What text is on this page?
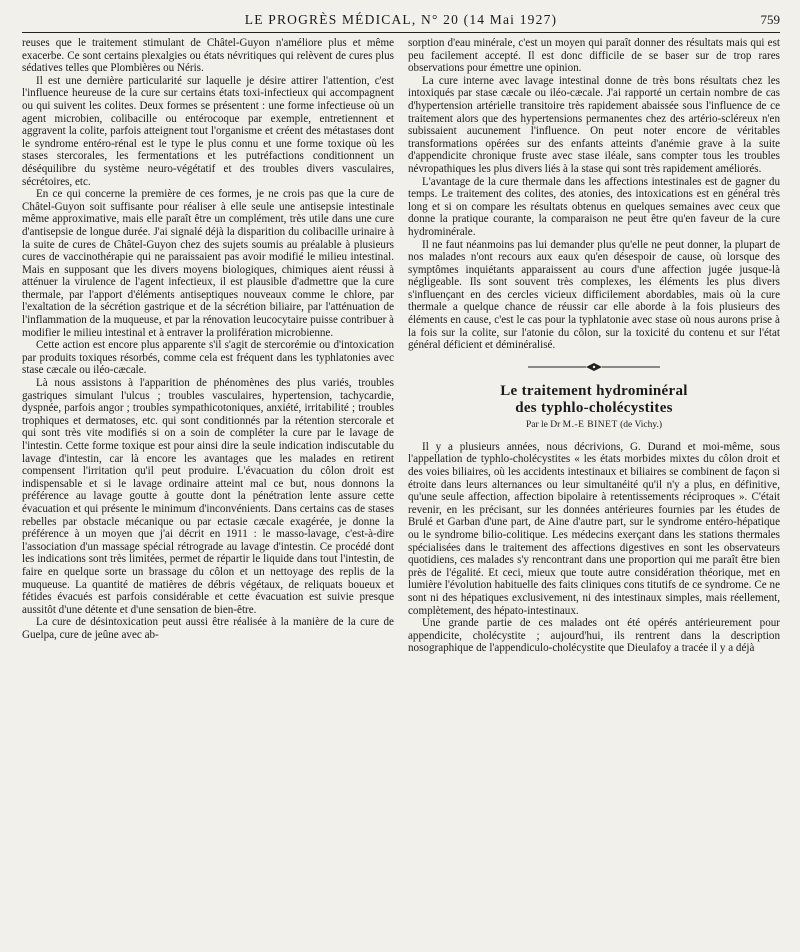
LE PROGRÈS MÉDICAL, N° 20 (14 Mai 1927)	759

reuses que le traitement stimulant de Châtel-Guyon n'améliore plus et même exacerbe. Ce sont certains plexalgies ou états névritiques qui relèvent de cures plus sédatives telles que Plombières ou Néris.

Il est une dernière particularité sur laquelle je désire attirer l'attention, c'est l'influence heureuse de la cure sur certains états toxi-infectieux qui accompagnent ou qui suivent les colites. Deux formes se présentent : une forme infectieuse où un agent microbien, colibacille ou entérocoque par exemple, entretiennent et aggravent la colite, parfois atteignent tout l'organisme et créent des métastases dont le syndrome entéro-rénal est le type le plus connu et une forme toxique où les stases stercorales, les fermentations et les putréfactions conditionnent un déséquilibre du système neuro-végétatif et des troubles divers vasculaires, sécrétoires, etc.

En ce qui concerne la première de ces formes, je ne crois pas que la cure de Châtel-Guyon soit suffisante pour réaliser à elle seule une antisepsie intestinale même approximative, mais elle paraît être un complément, très utile dans une cure d'antisepsie de longue durée. J'ai signalé déjà la disparition du colibacille urinaire à la suite de cures de Châtel-Guyon chez des sujets soumis au préalable à plusieurs cures de vaccinothérapie qui ne paraissaient pas avoir modifié le milieu intestinal. Mais en supposant que les divers moyens biologiques, chimiques aient réussi à atténuer la virulence de l'agent infectieux, il est plausible d'admettre que la cure thermale, par l'apport d'éléments antiseptiques nouveaux comme le chlore, par l'exaltation de la sécrétion gastrique et de la sécrétion biliaire, par l'atténuation de l'inflammation de la muqueuse, et par la rénovation leucocytaire puisse contribuer à modifier le milieu intestinal et à entraver la prolifération microbienne.

Cette action est encore plus apparente s'il s'agit de stercorémie ou d'intoxication par produits toxiques résorbés, comme cela est fréquent dans les typhlatonies avec stase cæcale ou iléo-cæcale.

Là nous assistons à l'apparition de phénomènes des plus variés, troubles gastriques simulant l'ulcus ; troubles vasculaires, hypertension, tachycardie, dyspnée, parfois angor ; troubles sympathicotoniques, anxiété, irritabilité ; troubles trophiques et dermatoses, etc. qui sont conditionnés par la rétention stercorale et qui sont très vite modifiés si on a soin de compléter la cure par le lavage de l'intestin. Cette forme toxique est pour ainsi dire la seule indication indiscutable du lavage d'intestin, car là encore les avantages que les malades en retirent compensent l'irritation qu'il peut produire. L'évacuation du côlon droit est indispensable et si le lavage ordinaire atteint mal ce but, nous donnons la préférence au lavage goutte à goutte dont la pénétration lente assure cette évacuation et qui présente le minimum d'inconvénients. Dans certains cas de stases rebelles par obstacle mécanique ou par ectasie cæcale exagérée, je donne la préférence à un moyen que j'ai décrit en 1911 : le masso-lavage, c'est-à-dire l'association d'un massage spécial rétrograde au lavage d'intestin. Ce procédé dont les indications sont très limitées, permet de répartir le liquide dans tout l'intestin, de faire en quelque sorte un brassage du côlon et un nettoyage des replis de la muqueuse. La quantité de matières de débris végétaux, de reliquats boueux et fétides évacués est parfois considérable et cette évacuation est suivie presque aussitôt d'une détente et d'une sensation de bien-être.

La cure de désintoxication peut aussi être réalisée à la manière de la cure de Guelpa, cure de jeûne avec ab-

sorption d'eau minérale, c'est un moyen qui paraît donner des résultats mais qui est peu facilement accepté. Il est donc difficile de se baser sur de trop rares observations pour émettre une opinion.

La cure interne avec lavage intestinal donne de très bons résultats chez les intoxiqués par stase cæcale ou iléo-cæcale. J'ai rapporté un certain nombre de cas d'hypertension artérielle transitoire très rapidement abaissée sous l'influence de ce traitement alors que des hypertensions permanentes chez des artério-scléreux n'en subissaient aucunement l'influence. On peut noter encore de véritables transformations opérées sur des enfants atteints d'anémie grave à la suite d'appendicite chronique fruste avec stase iléale, sans compter tous les troubles névropathiques les plus divers liés à la stase qui sont très rapidement améliorés.

L'avantage de la cure thermale dans les affections intestinales est de gagner du temps. Le traitement des colites, des atonies, des intoxications est en général très long et si on compare les résultats obtenus en quelques semaines avec ceux que donne la pratique courante, la comparaison ne peut être qu'en faveur de la cure hydrominérale.

Il ne faut néanmoins pas lui demander plus qu'elle ne peut donner, la plupart de nos malades n'ont recours aux eaux qu'en désespoir de cause, où lorsque des symptômes inquiétants apparaissent au cours d'une affection jugée jusque-là négligeable. Ils sont souvent très complexes, les éléments les plus divers s'influençant en des cercles vicieux difficilement abordables, mais où la cure thermale a quelque chance de réussir car elle aborde à la fois plusieurs des éléments en cause, c'est le cas pour la typhlatonie avec stase où nous aurons prise à la fois sur la colite, sur l'atonie du côlon, sur la toxicité du contenu et sur l'état général déficient et déminéralisé.

Le traitement hydrominéral
des typhlo-cholécystites
Par le Dr M.-E BINET (de Vichy.)

Il y a plusieurs années, nous décrivions, G. Durand et moi-même, sous l'appellation de typhlo-cholécystites « les états morbides mixtes du côlon droit et des voies biliaires, où les accidents intestinaux et biliaires se combinent de façon si étroite dans leurs alternances ou leur simultanéité qu'il n'y a plus, en définitive, qu'une seule affection, affection bipolaire à retentissements réciproques ». C'était revenir, en les précisant, sur les données antérieures fournies par les études de Brulé et Garban d'une part, de Aine d'autre part, sur le syndrome entéro-hépatique ou le syndrome bilio-colitique. Les médecins exerçant dans les stations thermales spécialisées dans le traitement des affections digestives en sont les observateurs quotidiens, ces malades s'y rencontrant dans une proportion qui me paraît être bien près de l'égalité. Et ceci, mieux que toute autre considération théorique, met en lumière l'évolution habituelle des faits cliniques cons titutifs de ce syndrome. Ce ne sont ni des hépatiques exclusivement, ni des intestinaux simples, mais réellement, complètement, des hépato-intestinaux.

Une grande partie de ces malades ont été opérés antérieurement pour appendicite, cholécystite ; aujourd'hui, ils rentrent dans la description nosographique de l'appendiculo-cholécystite que Dieulafoy a tracée il y a déjà
